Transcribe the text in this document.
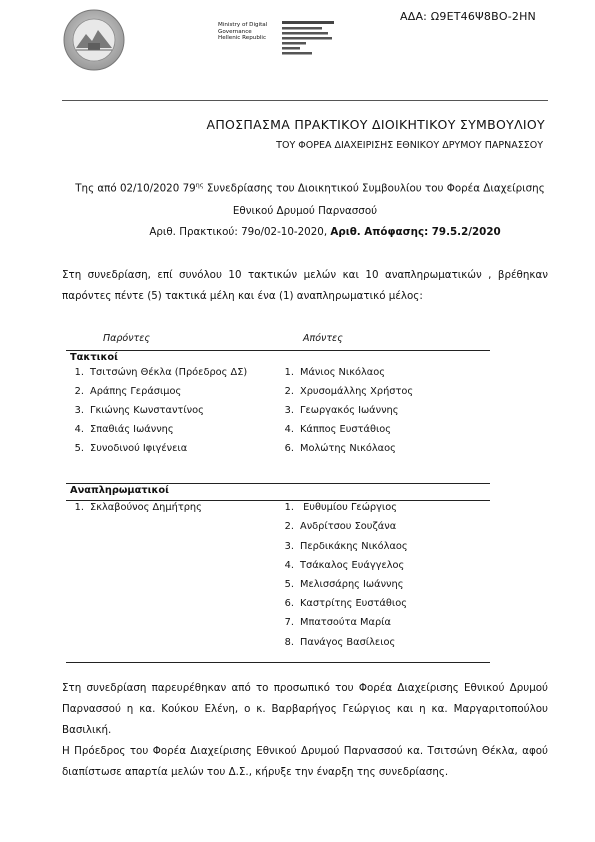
ΑΔΑ: Ω9ΕΤ46Ψ8ΒΟ-2ΗΝ
Ministry of Digital
Governance
Hellenic Republic
ΑΠΟΣΠΑΣΜΑ ΠΡΑΚΤΙΚΟΥ ΔΙΟΙΚΗΤΙΚΟΥ ΣΥΜΒΟΥΛΙΟΥ
ΤΟΥ ΦΟΡΕΑ ΔΙΑΧΕΙΡΙΣΗΣ ΕΘΝΙΚΟΥ ΔΡΥΜΟΥ ΠΑΡΝΑΣΣΟΥ
Της από 02/10/2020 $79^{\eta\varsigma}$ Συνεδρίασης του Διοικητικού Συμβουλίου του Φορέα Διαχείρισης
Εθνικού Δρυμού Παρνασσού
Αριθ. Πρακτικού: 79ο/02-10-2020, Αριθ. Απόφασης: 79.5.2/2020
Στη συνεδρίαση, επί συνόλου 10 τακτικών μελών και 10 αναπληρωματικών , βρέθηκαν παρόντες πέντε (5) τακτικά μέλη και ένα (1) αναπληρωματικό μέλος:
Παρόντες	Απόντες
Τακτικοί
1. Τσιτσώνη Θέκλα (Πρόεδρος ΔΣ)
2. Αράπης Γεράσιμος
3. Γκιώνης Κωνσταντίνος
4. Σπαθιάς Ιωάννης
5. Συνοδινού Ιφιγένεια
1. Μάνιος Νικόλαος
2. Χρυσομάλλης Χρήστος
3. Γεωργακός Ιωάννης
4. Κάππος Ευστάθιος
6. Μολώτης Νικόλαος
Αναπληρωματικοί
1. Σκλαβούνος Δημήτρης	1. Ευθυμίου Γεώργιος
2. Ανδρίτσου Σουζάνα
3. Περδικάκης Νικόλαος
4. Τσάκαλος Ευάγγελος
5. Μελισσάρης Ιωάννης
6. Καστρίτης Ευστάθιος
7. Μπατσούτα Μαρία
8. Πανάγος Βασίλειος
Στη συνεδρίαση παρευρέθηκαν από το προσωπικό του Φορέα Διαχείρισης Εθνικού Δρυμού Παρνασσού η κα. Κούκου Ελένη, ο κ. Βαρβαρήγος Γεώργιος και η κα. Μαργαριτοπούλου Βασιλική.
Η Πρόεδρος του Φορέα Διαχείρισης Εθνικού Δρυμού Παρνασσού κα. Τσιτσώνη Θέκλα, αφού διαπίστωσε απαρτία μελών του Δ.Σ., κήρυξε την έναρξη της συνεδρίασης.
